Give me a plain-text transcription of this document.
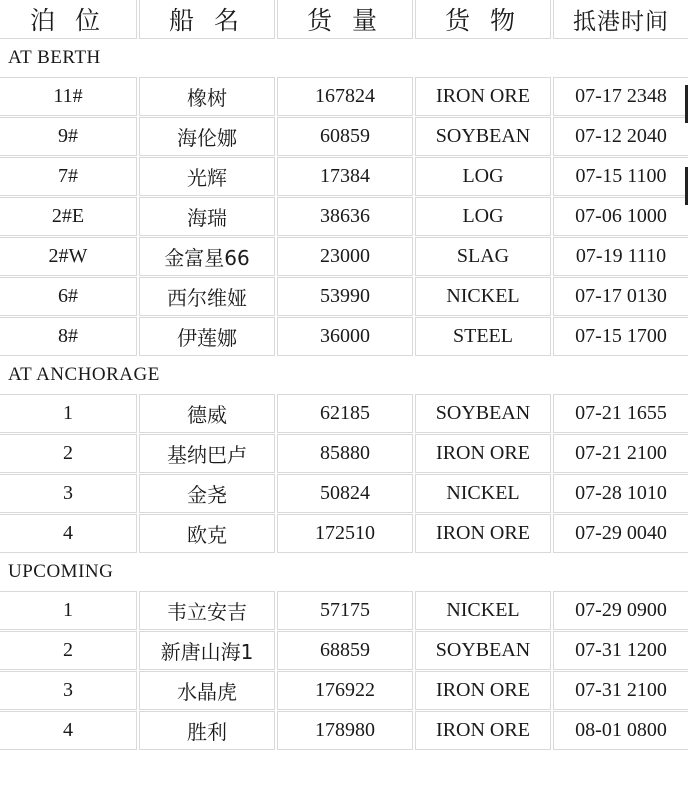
泊 位	船 名	货 量	货 物	抵港时间
AT BERTH				
11#	橡树	167824	IRON ORE	07-17 2348
9#	海伦娜	60859	SOYBEAN	07-12 2040
7#	光辉	17384	LOG	07-15 1100
2#E	海瑞	38636	LOG	07-06 1000
2#W	金富星66	23000	SLAG	07-19 1110
6#	西尔维娅	53990	NICKEL	07-17 0130
8#	伊莲娜	36000	STEEL	07-15 1700
AT ANCHORAGE				
1	德威	62185	SOYBEAN	07-21 1655
2	基纳巴卢	85880	IRON ORE	07-21 2100
3	金尧	50824	NICKEL	07-28 1010
4	欧克	172510	IRON ORE	07-29 0040
UPCOMING				
1	韦立安吉	57175	NICKEL	07-29 0900
2	新唐山海1	68859	SOYBEAN	07-31 1200
3	水晶虎	176922	IRON ORE	07-31 2100
4	胜利	178980	IRON ORE	08-01 0800
